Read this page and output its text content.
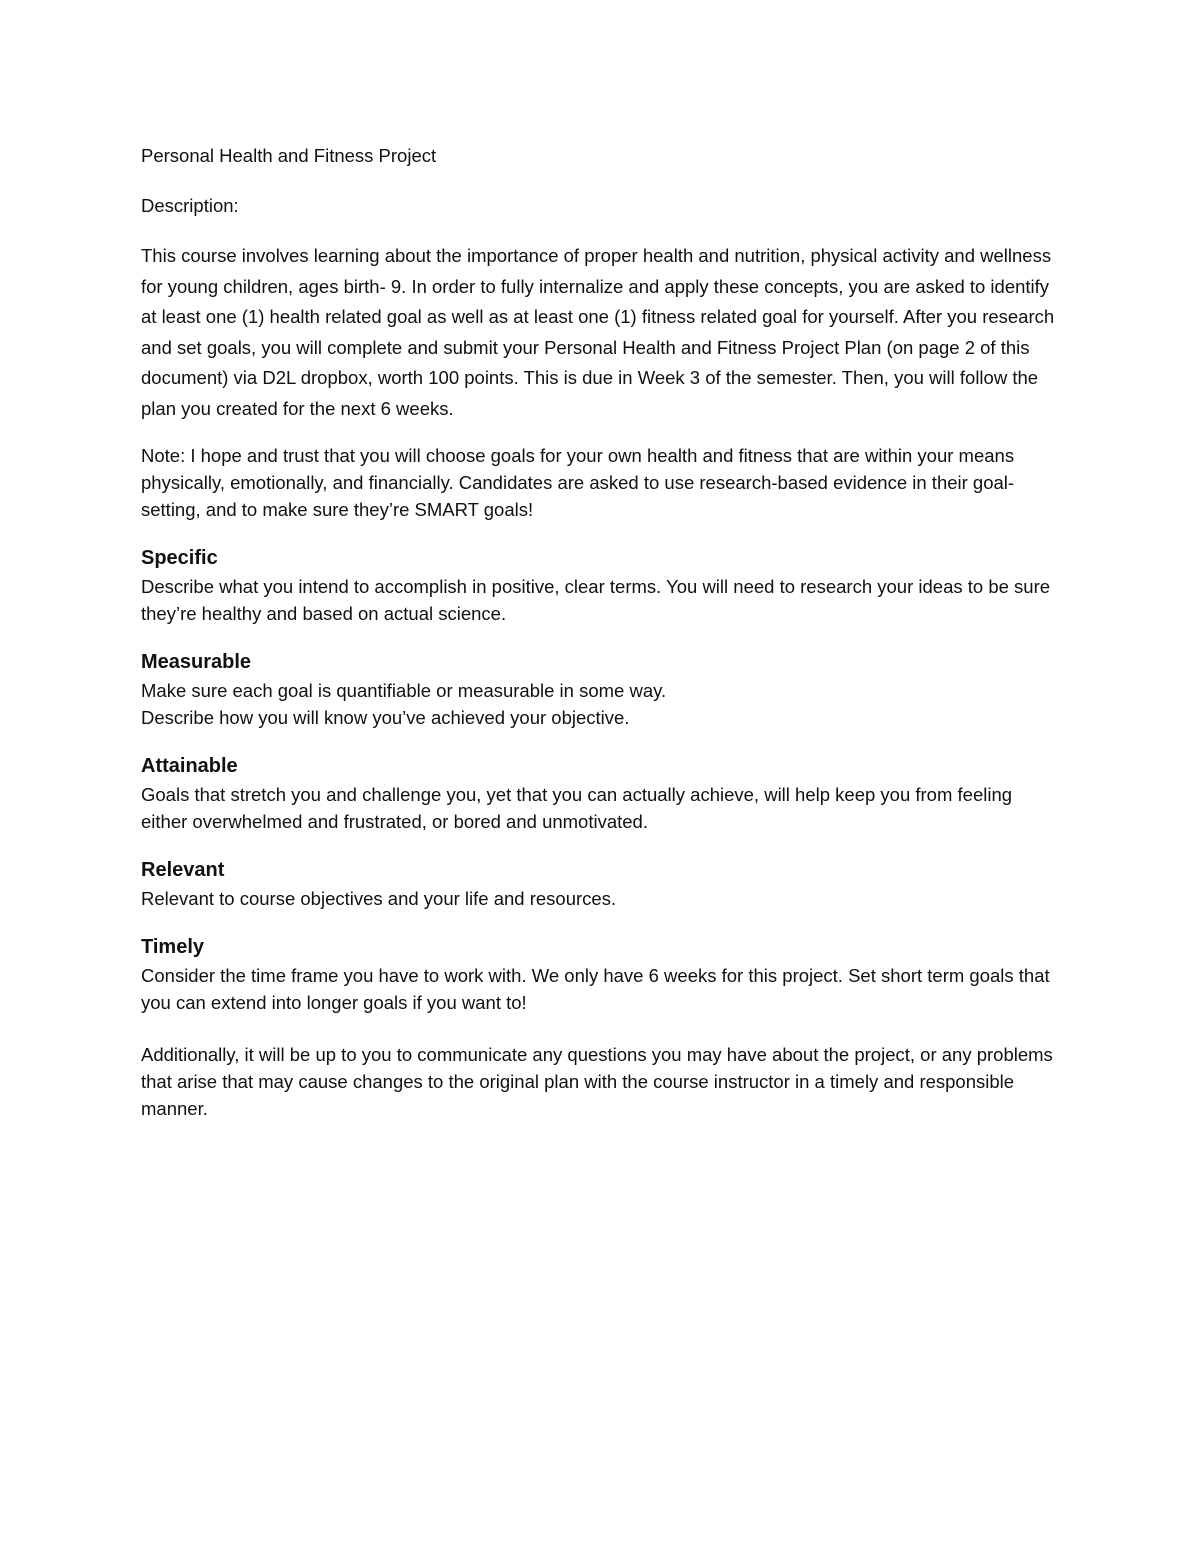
Personal Health and Fitness Project

Description:

This course involves learning about the importance of proper health and nutrition, physical activity and wellness for young children, ages birth- 9. In order to fully internalize and apply these concepts, you are asked to identify at least one (1) health related goal as well as at least one (1) fitness related goal for yourself. After you research and set goals, you will complete and submit your Personal Health and Fitness Project Plan (on page 2 of this document) via D2L dropbox, worth 100 points. This is due in Week 3 of the semester. Then, you will follow the plan you created for the next 6 weeks.

Note: I hope and trust that you will choose goals for your own health and fitness that are within your means physically, emotionally, and financially. Candidates are asked to use research-based evidence in their goal-setting, and to make sure they’re SMART goals!

Specific

Describe what you intend to accomplish in positive, clear terms. You will need to research your ideas to be sure they’re healthy and based on actual science.

Measurable

Make sure each goal is quantifiable or measurable in some way.

Describe how you will know you’ve achieved your objective.

Attainable

Goals that stretch you and challenge you, yet that you can actually achieve, will help keep you from feeling either overwhelmed and frustrated, or bored and unmotivated.

Relevant

Relevant to course objectives and your life and resources.

Timely

Consider the time frame you have to work with. We only have 6 weeks for this project. Set short term goals that you can extend into longer goals if you want to!

Additionally, it will be up to you to communicate any questions you may have about the project, or any problems that arise that may cause changes to the original plan with the course instructor in a timely and responsible manner.
